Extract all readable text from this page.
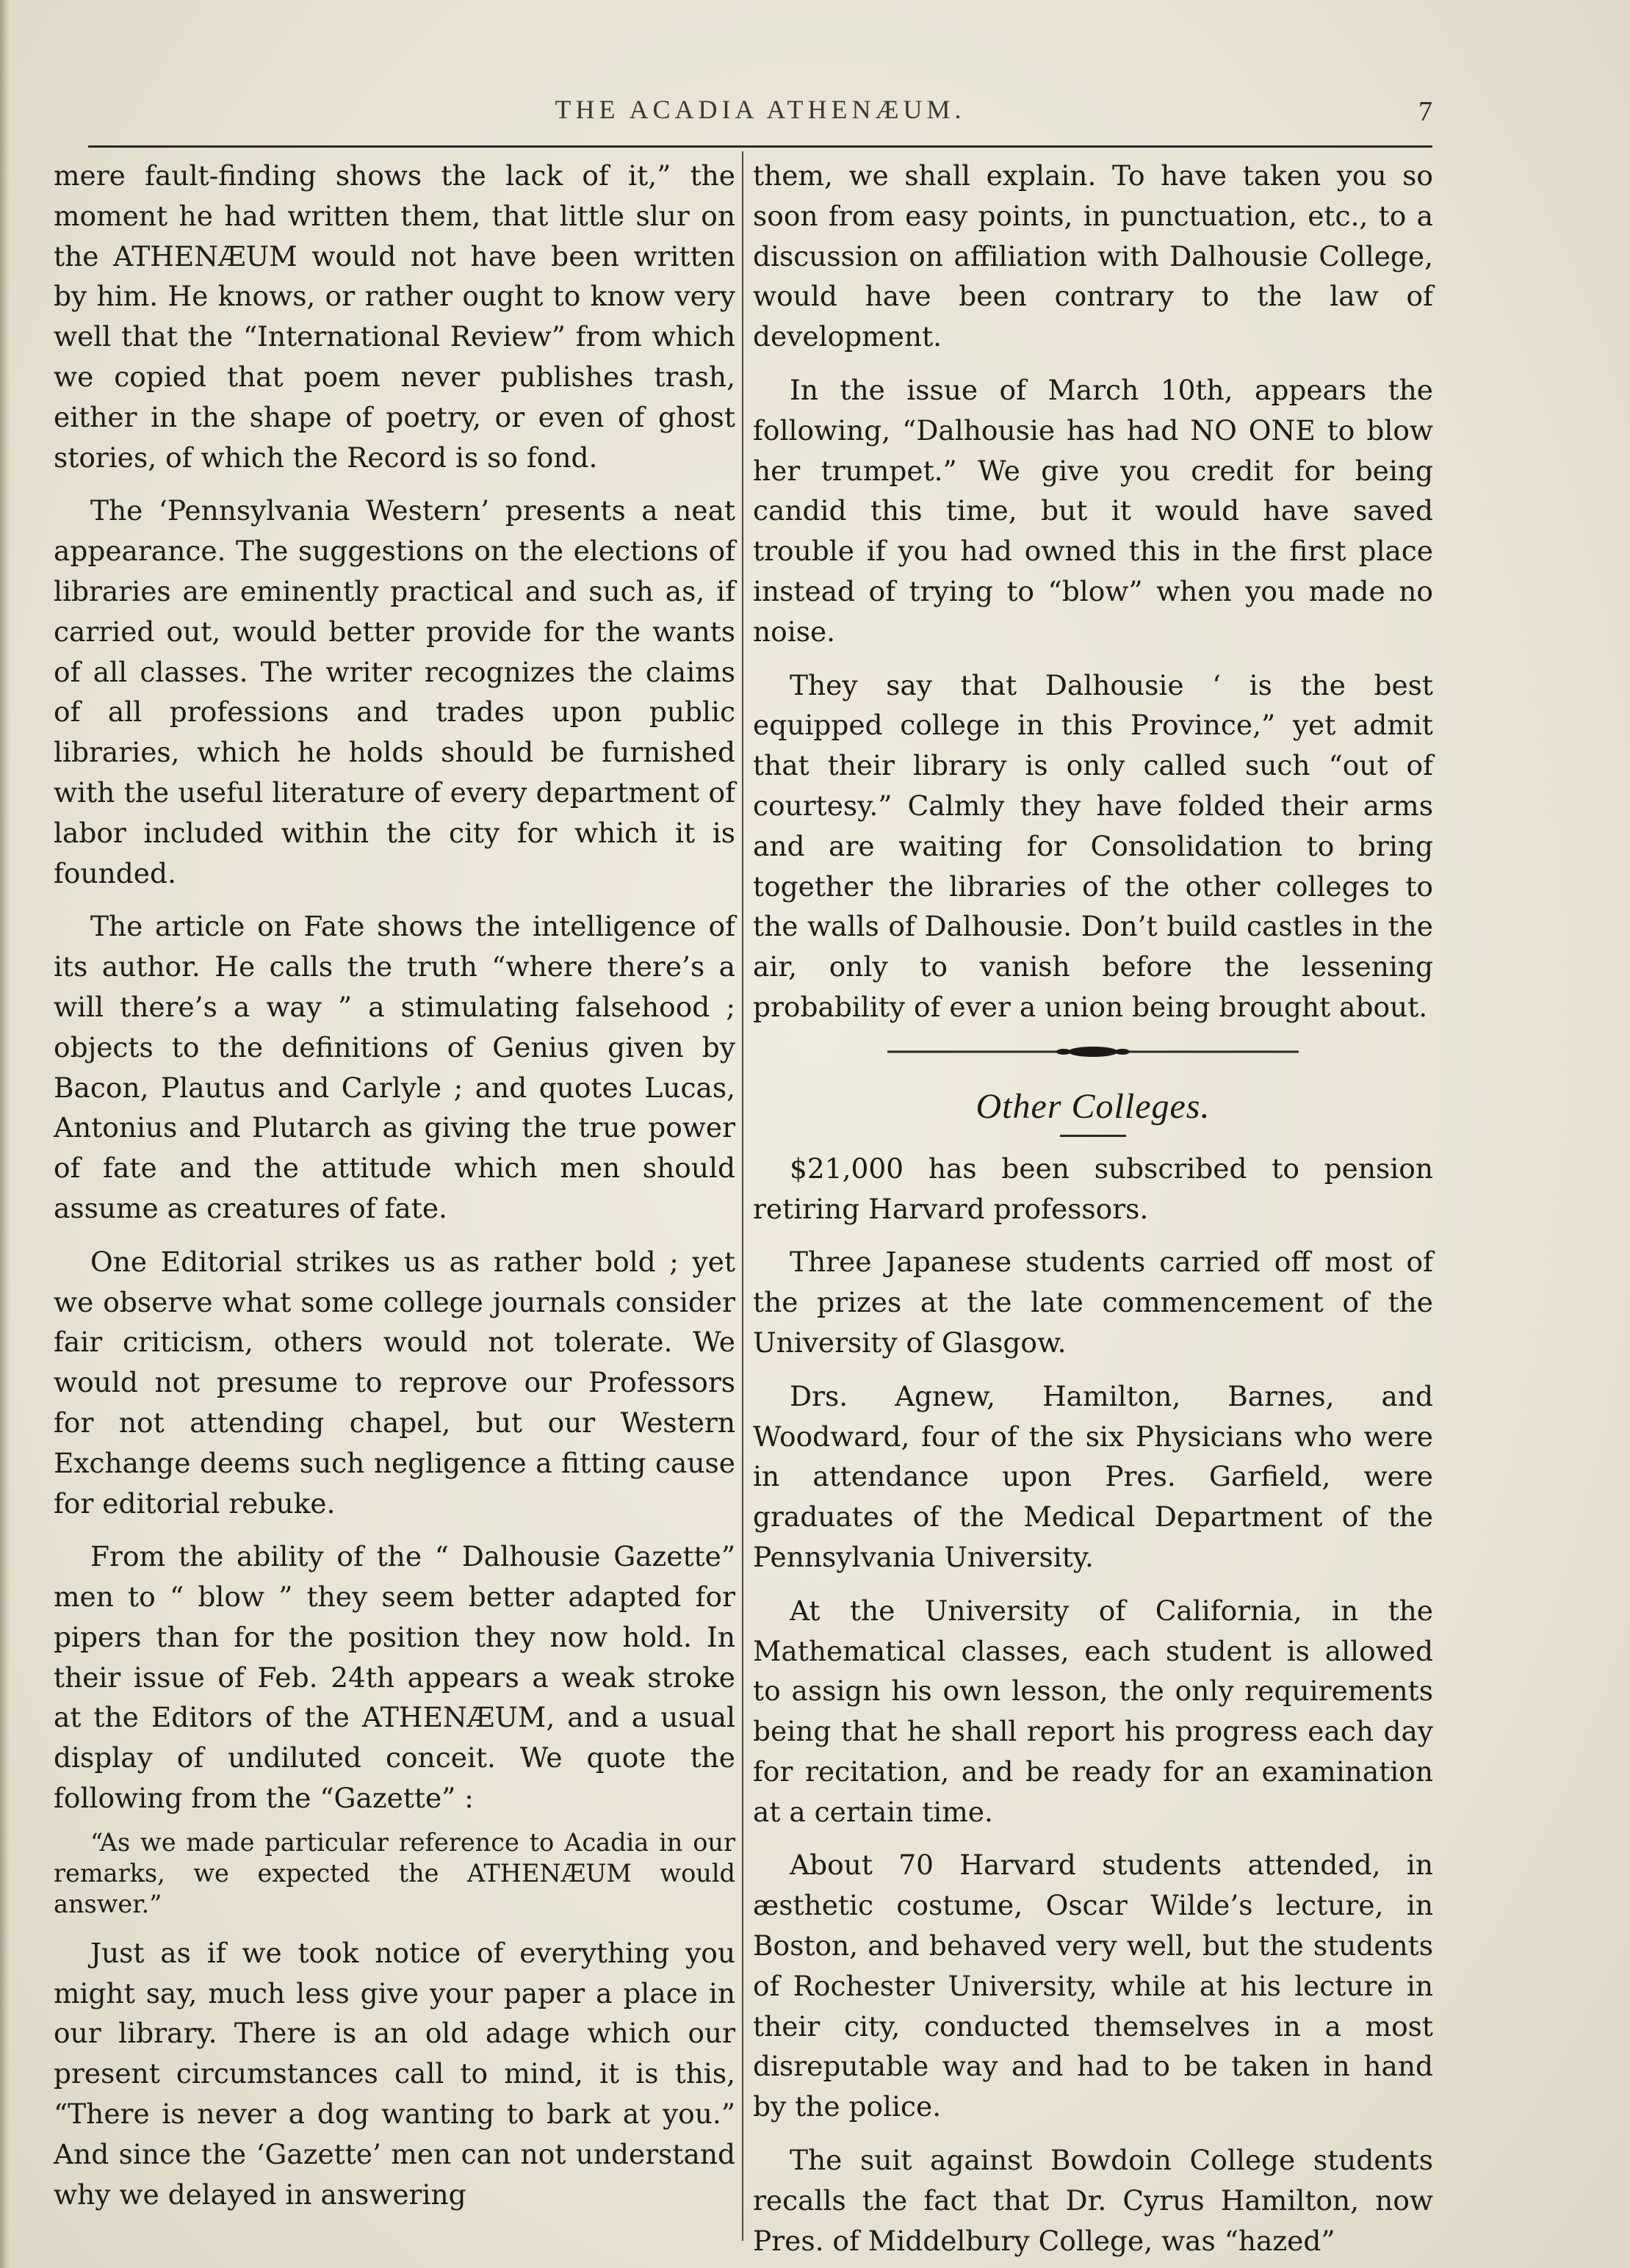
THE ACADIA ATHENÆUM.	7

mere fault-finding shows the lack of it,” the moment he had written them, that little slur on the ATHENÆUM would not have been written by him. He knows, or rather ought to know very well that the “International Review” from which we copied that poem never publishes trash, either in the shape of poetry, or even of ghost stories, of which the Record is so fond.

The ‘Pennsylvania Western’ presents a neat appearance. The suggestions on the elections of libraries are eminently practical and such as, if carried out, would better provide for the wants of all classes. The writer recognizes the claims of all professions and trades upon public libraries, which he holds should be furnished with the useful literature of every department of labor included within the city for which it is founded.

The article on Fate shows the intelligence of its author. He calls the truth “where there’s a will there’s a way ” a stimulating falsehood ; objects to the definitions of Genius given by Bacon, Plautus and Carlyle ; and quotes Lucas, Antonius and Plutarch as giving the true power of fate and the attitude which men should assume as creatures of fate.

One Editorial strikes us as rather bold ; yet we observe what some college journals consider fair criticism, others would not tolerate. We would not presume to reprove our Professors for not attending chapel, but our Western Exchange deems such negligence a fitting cause for editorial rebuke.

From the ability of the “ Dalhousie Gazette” men to “ blow ” they seem better adapted for pipers than for the position they now hold. In their issue of Feb. 24th appears a weak stroke at the Editors of the ATHENÆUM, and a usual display of undiluted conceit. We quote the following from the “Gazette” :

“As we made particular reference to Acadia in our remarks, we expected the ATHENÆUM would answer.”

Just as if we took notice of everything you might say, much less give your paper a place in our library. There is an old adage which our present circumstances call to mind, it is this, “There is never a dog wanting to bark at you.” And since the ‘Gazette’ men can not understand why we delayed in answering

them, we shall explain. To have taken you so soon from easy points, in punctuation, etc., to a discussion on affiliation with Dalhousie College, would have been contrary to the law of development.

In the issue of March 10th, appears the following, “Dalhousie has had NO ONE to blow her trumpet.” We give you credit for being candid this time, but it would have saved trouble if you had owned this in the first place instead of trying to “blow” when you made no noise.

They say that Dalhousie ‘ is the best equipped college in this Province,” yet admit that their library is only called such “out of courtesy.” Calmly they have folded their arms and are waiting for Consolidation to bring together the libraries of the other colleges to the walls of Dalhousie. Don’t build castles in the air, only to vanish before the lessening probability of ever a union being brought about.

Other Colleges.

$21,000 has been subscribed to pension retiring Harvard professors.

Three Japanese students carried off most of the prizes at the late commencement of the University of Glasgow.

Drs. Agnew, Hamilton, Barnes, and Woodward, four of the six Physicians who were in attendance upon Pres. Garfield, were graduates of the Medical Department of the Pennsylvania University.

At the University of California, in the Mathematical classes, each student is allowed to assign his own lesson, the only requirements being that he shall report his progress each day for recitation, and be ready for an examination at a certain time.

About 70 Harvard students attended, in æsthetic costume, Oscar Wilde’s lecture, in Boston, and behaved very well, but the students of Rochester University, while at his lecture in their city, conducted themselves in a most disreputable way and had to be taken in hand by the police.

The suit against Bowdoin College students recalls the fact that Dr. Cyrus Hamilton, now Pres. of Middelbury College, was “hazed”
